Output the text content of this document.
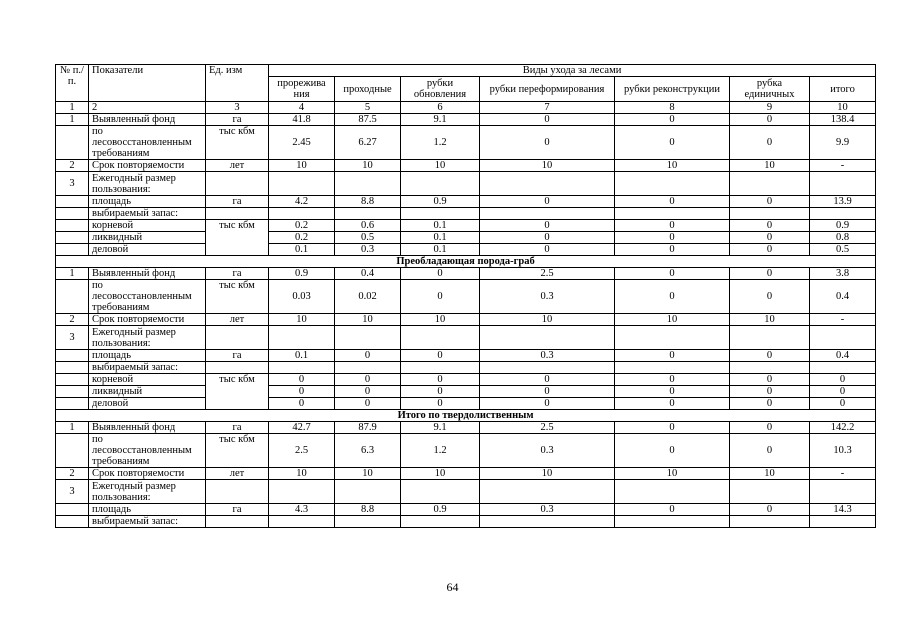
№ п./п.	Показатели	Ед. изм	Виды ухода за лесами						
			прорежива ния	проходные	рубки обновления	рубки переформирования	рубки реконструкции	рубка единичных	итого
1	2	3	4	5	6	7	8	9	10
1	Выявленный фонд	га	41.8	87.5	9.1	0	0	0	138.4
	по лесовосстановленным требованиям	тыс кбм	2.45	6.27	1.2	0	0	0	9.9
2	Срок повторяемости	лет	10	10	10	10	10	10	-
3	Ежегодный размер пользования:								
	площадь	га	4.2	8.8	0.9	0	0	0	13.9
	выбираемый запас:								
	корневой	тыс кбм	0.2	0.6	0.1	0	0	0	0.9
	ликвидный		0.2	0.5	0.1	0	0	0	0.8
	деловой		0.1	0.3	0.1	0	0	0	0.5
Преобладающая порода-граб									
1	Выявленный фонд	га	0.9	0.4	0	2.5	0	0	3.8
	по лесовосстановленным требованиям	тыс кбм	0.03	0.02	0	0.3	0	0	0.4
2	Срок повторяемости	лет	10	10	10	10	10	10	-
3	Ежегодный размер пользования:								
	площадь	га	0.1	0	0	0.3	0	0	0.4
	выбираемый запас:								
	корневой	тыс кбм	0	0	0	0	0	0	0
	ликвидный		0	0	0	0	0	0	0
	деловой		0	0	0	0	0	0	0
Итого по твердолиственным									
1	Выявленный фонд	га	42.7	87.9	9.1	2.5	0	0	142.2
	по лесовосстановленным требованиям	тыс кбм	2.5	6.3	1.2	0.3	0	0	10.3
2	Срок повторяемости	лет	10	10	10	10	10	10	-
3	Ежегодный размер пользования:								
	площадь	га	4.3	8.8	0.9	0.3	0	0	14.3
	выбираемый запас:								
64
